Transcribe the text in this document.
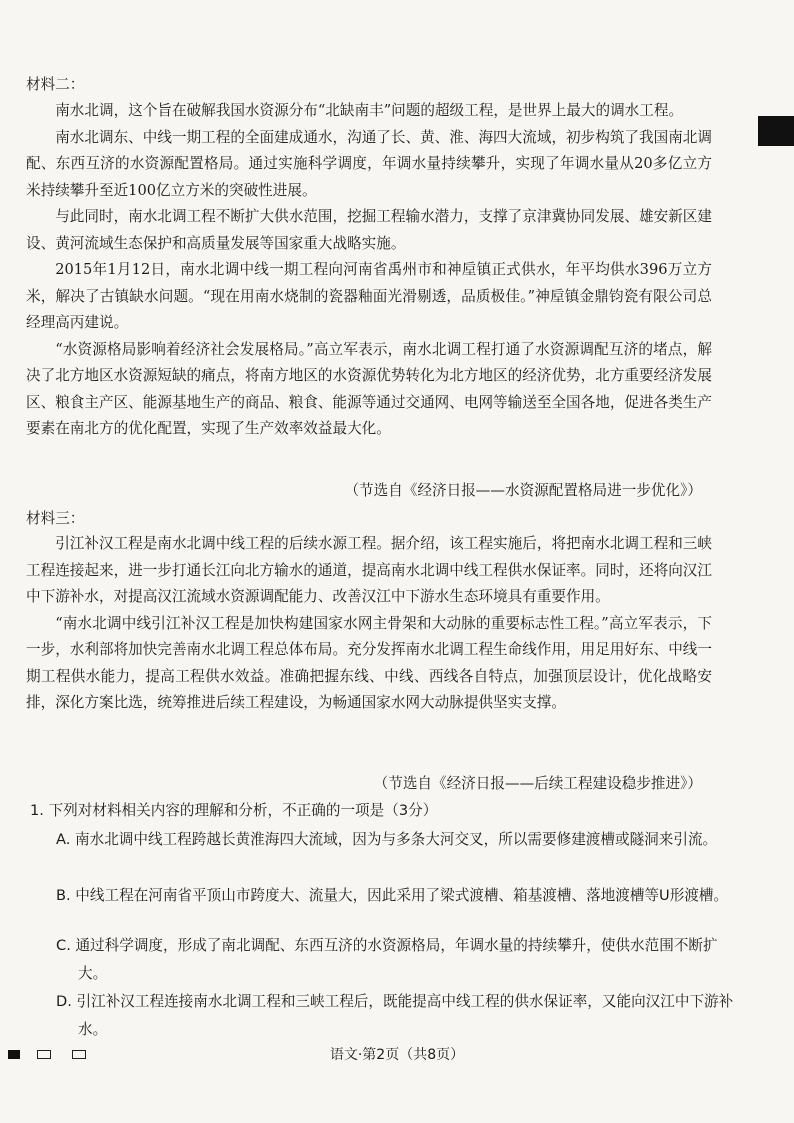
材料二：

南水北调，这个旨在破解我国水资源分布“北缺南丰”问题的超级工程，是世界上最大的调水工程。

南水北调东、中线一期工程的全面建成通水，沟通了长、黄、淮、海四大流域，初步构筑了我国南北调配、东西互济的水资源配置格局。通过实施科学调度，年调水量持续攀升，实现了年调水量从20多亿立方米持续攀升至近100亿立方米的突破性进展。

与此同时，南水北调工程不断扩大供水范围，挖掘工程输水潜力，支撑了京津冀协同发展、雄安新区建设、黄河流域生态保护和高质量发展等国家重大战略实施。

2015年1月12日，南水北调中线一期工程向河南省禹州市和神垕镇正式供水，年平均供水396万立方米，解决了古镇缺水问题。“现在用南水烧制的瓷器釉面光滑剔透，品质极佳。”神垕镇金鼎钧瓷有限公司总经理高丙建说。

“水资源格局影响着经济社会发展格局。”高立军表示，南水北调工程打通了水资源调配互济的堵点，解决了北方地区水资源短缺的痛点，将南方地区的水资源优势转化为北方地区的经济优势，北方重要经济发展区、粮食主产区、能源基地生产的商品、粮食、能源等通过交通网、电网等输送至全国各地，促进各类生产要素在南北方的优化配置，实现了生产效率效益最大化。

（节选自《经济日报——水资源配置格局进一步优化》）
材料三：

引江补汉工程是南水北调中线工程的后续水源工程。据介绍，该工程实施后，将把南水北调工程和三峡工程连接起来，进一步打通长江向北方输水的通道，提高南水北调中线工程供水保证率。同时，还将向汉江中下游补水，对提高汉江流域水资源调配能力、改善汉江中下游水生态环境具有重要作用。

“南水北调中线引江补汉工程是加快构建国家水网主骨架和大动脉的重要标志性工程。”高立军表示，下一步，水利部将加快完善南水北调工程总体布局。充分发挥南水北调工程生命线作用，用足用好东、中线一期工程供水能力，提高工程供水效益。准确把握东线、中线、西线各自特点，加强顶层设计，优化战略安排，深化方案比选，统筹推进后续工程建设，为畅通国家水网大动脉提供坚实支撑。

（节选自《经济日报——后续工程建设稳步推进》）
1. 下列对材料相关内容的理解和分析，不正确的一项是（3分）
A. 南水北调中线工程跨越长黄淮海四大流域，因为与多条大河交叉，所以需要修建渡槽或隧洞来引流。
B. 中线工程在河南省平顶山市跨度大、流量大，因此采用了梁式渡槽、箱基渡槽、落地渡槽等U形渡槽。
C. 通过科学调度，形成了南北调配、东西互济的水资源格局，年调水量的持续攀升，使供水范围不断扩大。
D. 引江补汉工程连接南水北调工程和三峡工程后，既能提高中线工程的供水保证率，又能向汉江中下游补水。
语文·第2页（共8页）
